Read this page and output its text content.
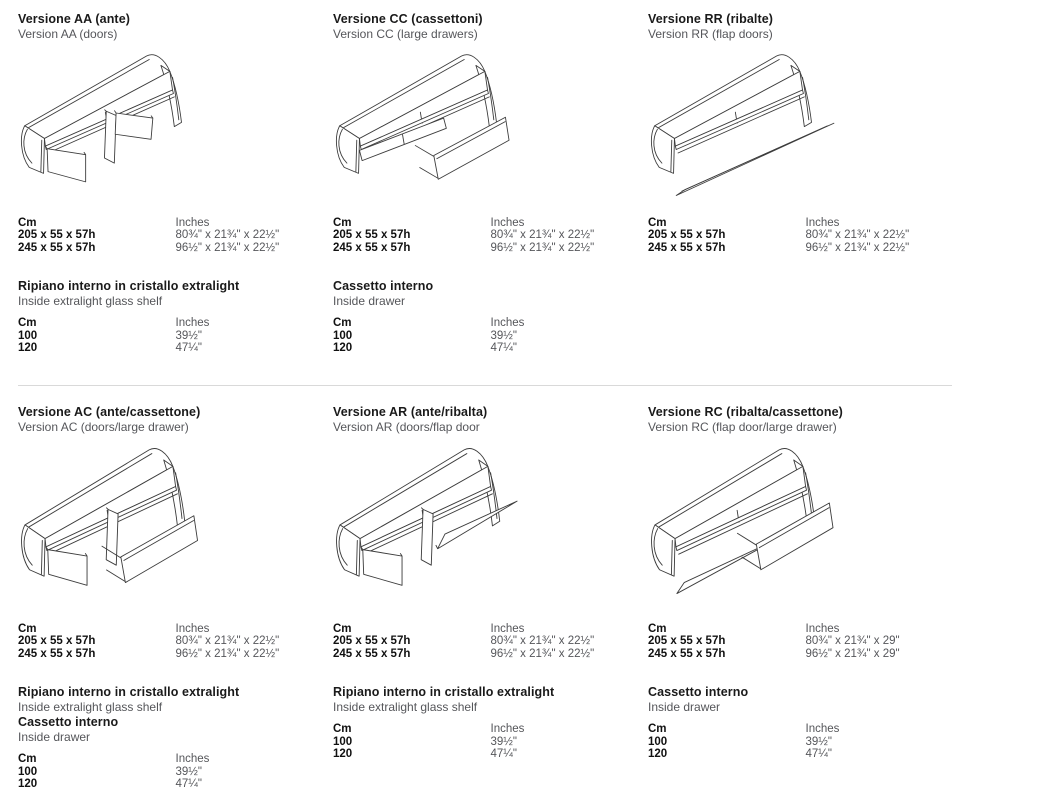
Versione AA (ante)
Version AA (doors)
Cm
205 x 55 x 57h
245 x 55 x 57h
Inches
80¾" x 21¾" x 22½"
96½" x 21¾" x 22½"
Ripiano interno in cristallo extralight
Inside extralight glass shelf
Cm
100
120
Inches
39½"
47¼"
Versione CC (cassettoni)
Version CC (large drawers)
Cm
205 x 55 x 57h
245 x 55 x 57h
Inches
80¾" x 21¾" x 22½"
96½" x 21¾" x 22½"
Cassetto interno
Inside drawer
Cm
100
120
Inches
39½"
47¼"
Versione RR (ribalte)
Version RR (flap doors)
Cm
205 x 55 x 57h
245 x 55 x 57h
Inches
80¾" x 21¾" x 22½"
96½" x 21¾" x 22½"
Versione AC (ante/cassettone)
Version AC (doors/large drawer)
Cm
205 x 55 x 57h
245 x 55 x 57h
Inches
80¾" x 21¾" x 22½"
96½" x 21¾" x 22½"
Ripiano interno in cristallo extralight
Inside extralight glass shelf
Cassetto interno
Inside drawer
Cm
100
120
Inches
39½"
47¼"
Versione AR (ante/ribalta)
Version AR (doors/flap door
Cm
205 x 55 x 57h
245 x 55 x 57h
Inches
80¾" x 21¾" x 22½"
96½" x 21¾" x 22½"
Ripiano interno in cristallo extralight
Inside extralight glass shelf
Cm
100
120
Inches
39½"
47¼"
Versione RC (ribalta/cassettone)
Version RC (flap door/large drawer)
Cm
205 x 55 x 57h
245 x 55 x 57h
Inches
80¾" x 21¾" x 29"
96½" x 21¾" x 29"
Cassetto interno
Inside drawer
Cm
100
120
Inches
39½"
47¼"
